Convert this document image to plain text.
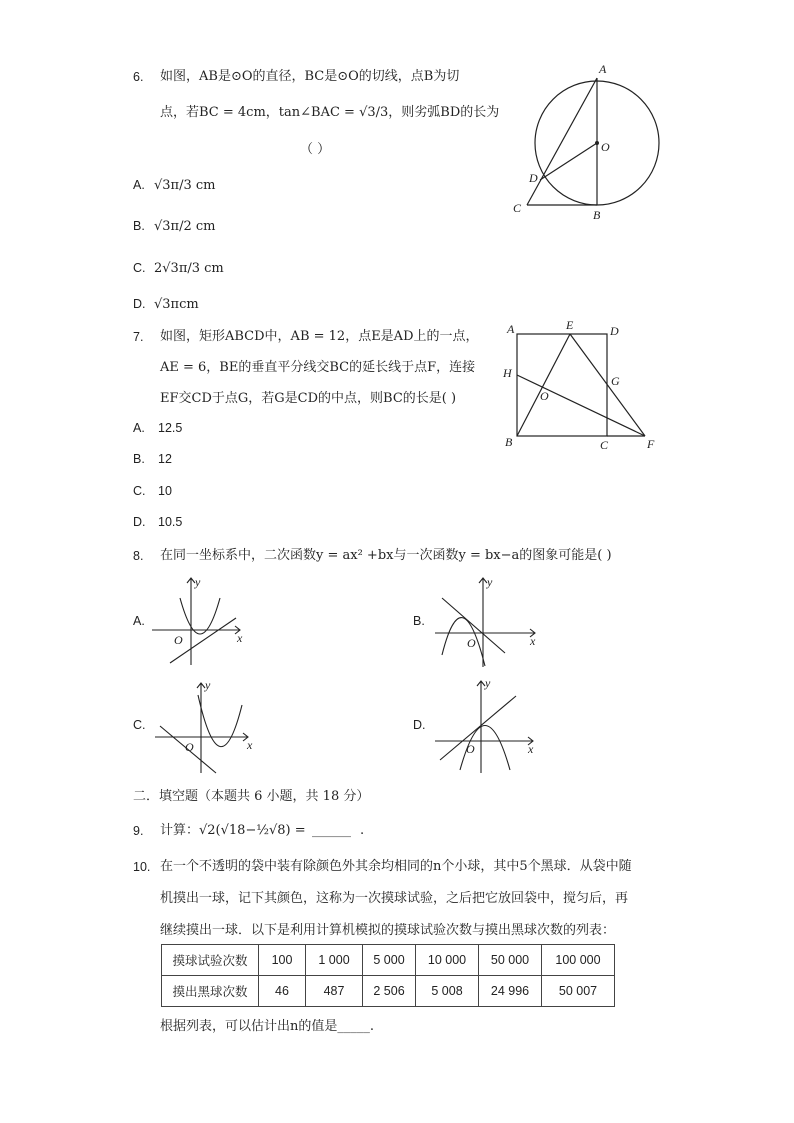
6. 如图，AB是⊙O的直径，BC是⊙O的切线，点B为切
点，若BC = 4cm，tan∠BAC = √3/3，则劣弧BD的长为
（ ）
A. √3π/3 cm
B. √3π/2 cm
C. 2√3π/3 cm
D. √3πcm
A
O
D
C	B
7. 如图，矩形ABCD中，AB = 12，点E是AD上的一点，
AE = 6，BE的垂直平分线交BC的延长线于点F，连接
EF交CD于点G，若G是CD的中点，则BC的长是( )
A. 12.5
B. 12
C. 10
D. 10.5
A	E	D
H
G
O
B	C	F
8. 在同一坐标系中，二次函数y = ax² +bx与一次函数y = bx−a的图象可能是( )
A.
y
x
O
B.
y
x
O
C.
y
x
O
D.
y
x
O
二．填空题（本题共 6 小题，共 18 分）
9. 计算：√2(√18−½√8) = ______ .
10. 在一个不透明的袋中装有除颜色外其余均相同的n个小球，其中5个黑球．从袋中随
机摸出一球，记下其颜色，这称为一次摸球试验，之后把它放回袋中，搅匀后，再
继续摸出一球．以下是利用计算机模拟的摸球试验次数与摸出黑球次数的列表：
摸球试验次数	100	1 000	5 000	10 000	50 000	100 000
摸出黑球次数	46	487	2 506	5 008	24 996	50 007
根据列表，可以估计出n的值是_____.
